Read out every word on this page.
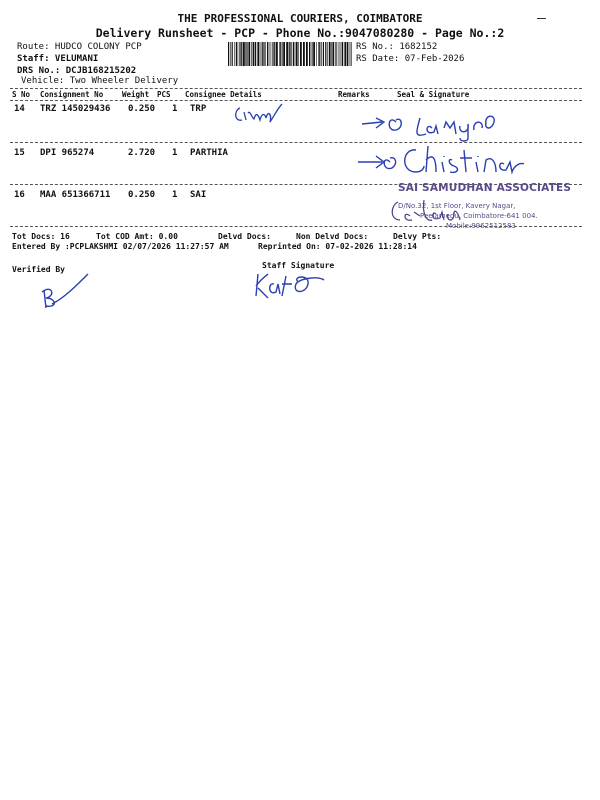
THE PROFESSIONAL COURIERS, COIMBATORE
Delivery Runsheet - PCP - Phone No.:9047080280 - Page No.:2
Route: HUDCO COLONY PCP
Staff: VELUMANI
DRS No.: DCJB168215202
Vehicle: Two Wheeler Delivery
RS No.: 1682152
RS Date: 07-Feb-2026
S No Consignment No	Weight PCS Consignee Details	Remarks	Seal & Signature
14 TRZ 145029436 0.250 1 TRP
15 DPI 965274	2.720 1 PARTHIA
16 MAA 651366711 0.250 1 SAI
SAI SAMUDHAN ASSOCIATES
D/No.32, 1st Floor, Kavery Nagar,
Peelamedu, Coimbatore-641 004.
Mobile:9962512583
Tot Docs: 16	Tot COD Amt: 0.00	Delvd Docs:	Non Delvd Docs:	Delvy Pts:
Entered By :PCPLAKSHMI 02/07/2026 11:27:57 AM	Reprinted On: 07-02-2026 11:28:14
Verified By	Staff Signature
